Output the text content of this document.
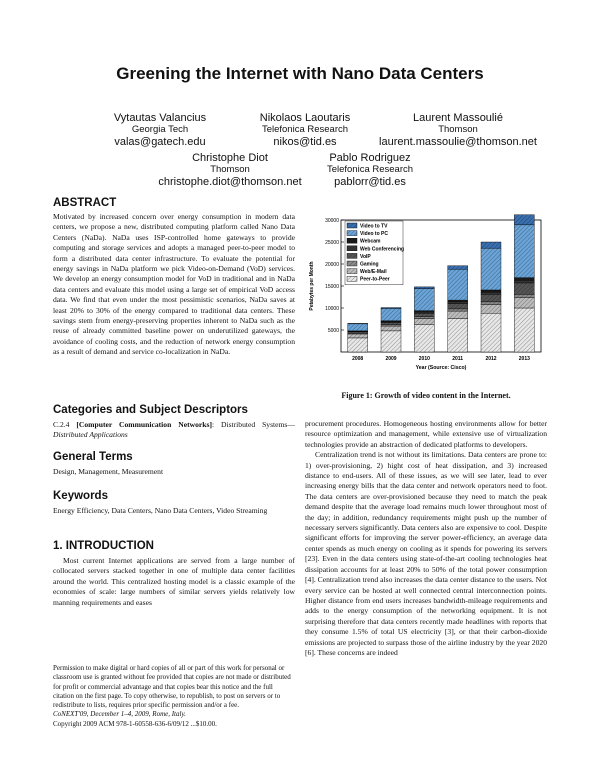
Greening the Internet with Nano Data Centers
Vytautas Valancius
Georgia Tech
valas@gatech.edu
Nikolaos Laoutaris
Telefonica Research
nikos@tid.es
Laurent Massoulié
Thomson
laurent.massoulie@thomson.net
Christophe Diot
Thomson
christophe.diot@thomson.net
Pablo Rodriguez
Telefonica Research
pablorr@tid.es
ABSTRACT

Motivated by increased concern over energy consumption in modern data centers, we propose a new, distributed computing platform called Nano Data Centers (NaDa). NaDa uses ISP-controlled home gateways to provide computing and storage services and adopts a managed peer-to-peer model to form a distributed data center infrastructure. To evaluate the potential for energy savings in NaDa platform we pick Video-on-Demand (VoD) services. We develop an energy consumption model for VoD in traditional and in NaDa data centers and evaluate this model using a large set of empirical VoD access data. We find that even under the most pessimistic scenarios, NaDa saves at least 20% to 30% of the energy compared to traditional data centers. These savings stem from energy-preserving properties inherent to NaDa such as the reuse of already committed baseline power on underutilized gateways, the avoidance of cooling costs, and the reduction of network energy consumption as a result of demand and service co-localization in NaDa.

Categories and Subject Descriptors
C.2.4 [Computer Communication Networks]: Distributed Systems—Distributed Applications
General Terms
Design, Management, Measurement
Keywords
Energy Efficiency, Data Centers, Nano Data Centers, Video Streaming
1. INTRODUCTION

Most current Internet applications are served from a large number of collocated servers stacked together in one of multiple data center facilities around the world. This centralized hosting model is a classic example of the economies of scale: large numbers of similar servers yields relatively low manning requirements and eases

Permission to make digital or hard copies of all or part of this work for personal or classroom use is granted without fee provided that copies are not made or distributed for profit or commercial advantage and that copies bear this notice and the full citation on the first page. To copy otherwise, to republish, to post on servers or to redistribute to lists, requires prior specific permission and/or a fee.
CoNEXT'09, December 1–4, 2009, Rome, Italy.
Copyright 2009 ACM 978-1-60558-636-6/09/12 ...$10.00.
5000
10000
15000
20000
25000
30000
2008	2009	2010	2011	2012	2013
Year (Source: Cisco)
Petabytes per Month
Video to TV
Video to PC
Webcam
Web Conferencing
VoIP
Gaming
Web/E-Mail
Peer-to-Peer
Figure 1: Growth of video content in the Internet.

procurement procedures. Homogeneous hosting environments allow for better resource optimization and management, while extensive use of virtualization technologies provide an abstraction of dedicated platforms to developers.

Centralization trend is not without its limitations. Data centers are prone to: 1) over-provisioning, 2) hight cost of heat dissipation, and 3) increased distance to end-users. All of these issues, as we will see later, lead to ever increasing energy bills that the data center and network operators need to foot. The data centers are over-provisioned because they need to match the peak demand despite that the average load remains much lower throughout most of the day; in addition, redundancy requirements might push up the number of necessary servers significantly. Data centers also are expensive to cool. Despite significant efforts for improving the server power-efficiency, an average data center spends as much energy on cooling as it spends for powering its servers [23]. Even in the data centers using state-of-the-art cooling technologies heat dissipation accounts for at least 20% to 50% of the total power consumption [4]. Centralization trend also increases the data center distance to the users. Not every service can be hosted at well connected central interconnection points. Higher distance from end users increases bandwidth-mileage requirements and adds to the energy consumption of the networking equipment. It is not surprising therefore that data centers recently made headlines with reports that they consume 1.5% of total US electricity [3], or that their carbon-dioxide emissions are projected to surpass those of the airline industry by the year 2020 [6]. These concerns are indeed
